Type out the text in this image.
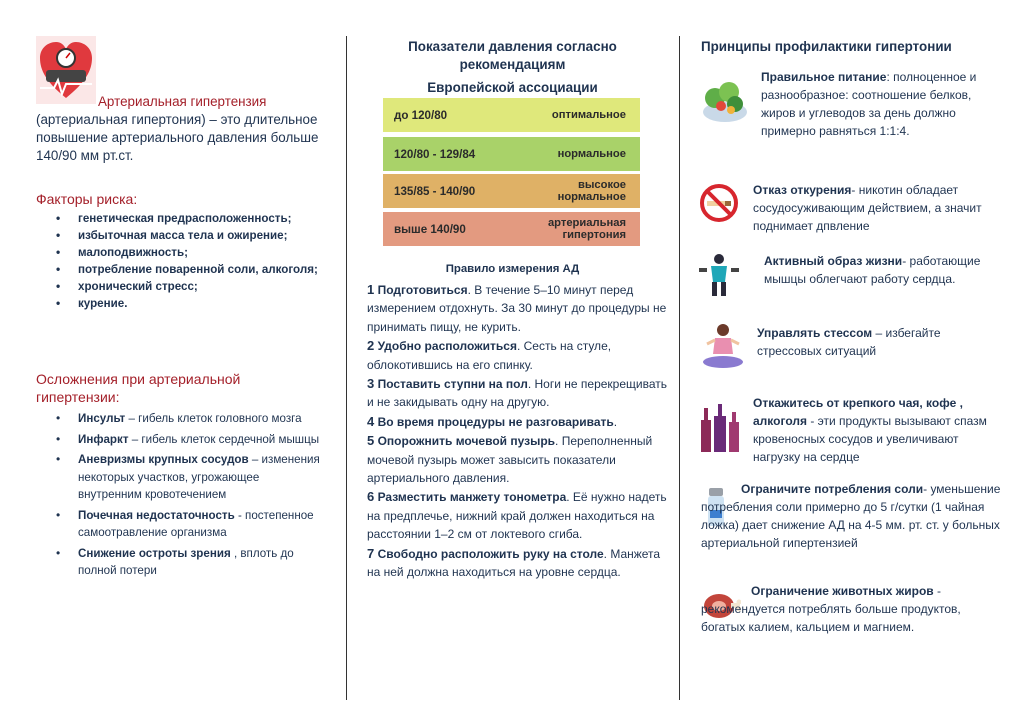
Артериальная гипертензия
(артериальная гипертония) – это длительное повышение артериального давления больше 140/90 мм рт.ст.
Факторы риска:
• генетическая предрасположенность;
• избыточная масса тела и ожирение;
• малоподвижность;
• потребление поваренной соли, алкоголя;
• хронический стресс;
• курение.
Осложнения при артериальной гипертензии:
• Инсульт – гибель клеток головного мозга
• Инфаркт – гибель клеток сердечной мышцы
• Аневризмы крупных сосудов – изменения некоторых участков, угрожающее внутренним кровотечением
• Почечная недостаточность - постепенное самоотравление организма
• Снижение остроты зрения , вплоть до полной потери
Показатели давления согласно
рекомендациям
Европейской ассоциации
до 120/80	оптимальное
120/80 - 129/84	нормальное
135/85 - 140/90	высокое
нормальное
выше 140/90	артериальная
гипертония
Правило измерения АД

1 Подготовиться. В течение 5–10 минут перед измерением отдохнуть. За 30 минут до процедуры не принимать пищу, не курить.

2 Удобно расположиться. Сесть на стуле, облокотившись на его спинку.

3 Поставить ступни на пол. Ноги не перекрещивать и не закидывать одну на другую.

4 Во время процедуры не разговаривать.

5 Опорожнить мочевой пузырь. Переполненный мочевой пузырь может завысить показатели артериального давления.

6 Разместить манжету тонометра. Её нужно надеть на предплечье, нижний край должен находиться на расстоянии 1–2 см от локтевого сгиба.

7 Свободно расположить руку на столе. Манжета на ней должна находиться на уровне сердца.

Принципы профилактики гипертонии
Правильное питание: полноценное и разнообразное: соотношение белков, жиров и углеводов за день должно примерно равняться 1:1:4.
Отказ откурения- никотин обладает сосудосуживающим действием, а значит поднимает дпвление
Активный образ жизни- работающие мышцы облегчают работу сердца.
Управлять стессом – избегайте стрессовых ситуаций
Откажитесь от крепкого чая, кофе , алкоголя - эти продукты вызывают спазм кровеносных сосудов и увеличивают нагрузку на сердце
Ограничите потребления соли- уменьшение потребления соли примерно до 5 г/сутки (1 чайная ложка) дает снижение АД на 4-5 мм. рт. ст. у больных артериальной гипертензией
Ограничение животных жиров - рекомендуется потреблять больше продуктов, богатых калием, кальцием и магнием.
